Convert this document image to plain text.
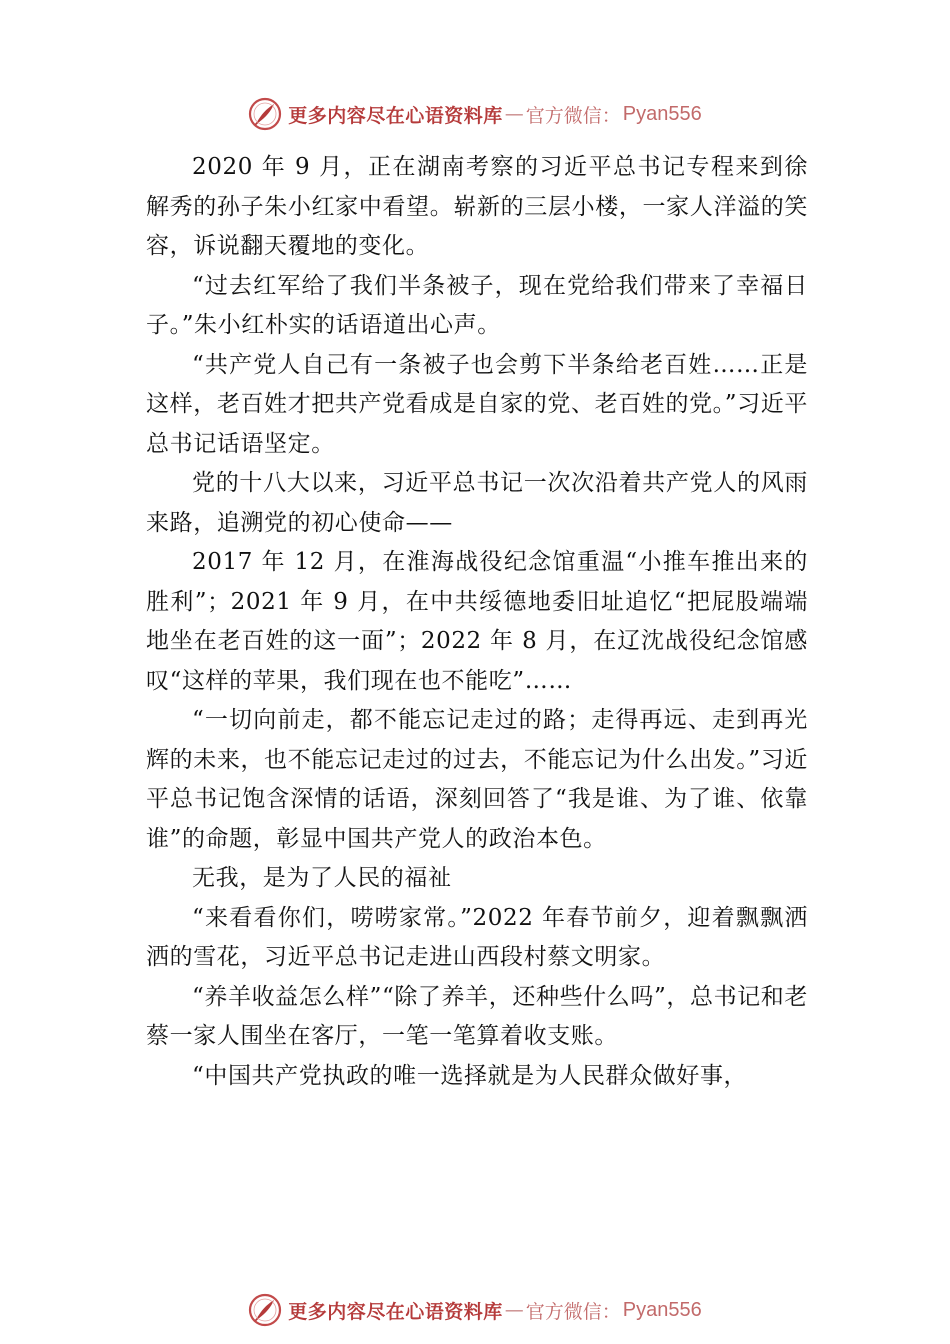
更多内容尽在心语资料库 — 官方微信： Pyan556

2020 年 9 月，正在湖南考察的习近平总书记专程来到徐解秀的孙子朱小红家中看望。崭新的三层小楼，一家人洋溢的笑容，诉说翻天覆地的变化。

“过去红军给了我们半条被子，现在党给我们带来了幸福日子。”朱小红朴实的话语道出心声。

“共产党人自己有一条被子也会剪下半条给老百姓……正是这样，老百姓才把共产党看成是自家的党、老百姓的党。”习近平总书记话语坚定。

党的十八大以来，习近平总书记一次次沿着共产党人的风雨来路，追溯党的初心使命——

2017 年 12 月，在淮海战役纪念馆重温“小推车推出来的胜利”；2021 年 9 月，在中共绥德地委旧址追忆“把屁股端端地坐在老百姓的这一面”；2022 年 8 月，在辽沈战役纪念馆感叹“这样的苹果，我们现在也不能吃”……

“一切向前走，都不能忘记走过的路；走得再远、走到再光辉的未来，也不能忘记走过的过去，不能忘记为什么出发。”习近平总书记饱含深情的话语，深刻回答了“我是谁、为了谁、依靠谁”的命题，彰显中国共产党人的政治本色。

无我，是为了人民的福祉

“来看看你们，唠唠家常。”2022 年春节前夕，迎着飘飘洒洒的雪花，习近平总书记走进山西段村蔡文明家。

“养羊收益怎么样”“除了养羊，还种些什么吗”，总书记和老蔡一家人围坐在客厅，一笔一笔算着收支账。

“中国共产党执政的唯一选择就是为人民群众做好事，

更多内容尽在心语资料库 — 官方微信： Pyan556
